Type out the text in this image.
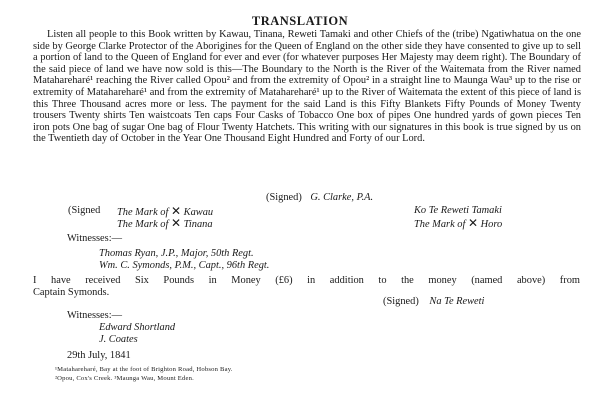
TRANSLATION
Listen all people to this Book written by Kawau, Tinana, Reweti Tamaki and other Chiefs of the (tribe) Ngatiwhatua on the one side by George Clarke Protector of the Aborigines for the Queen of England on the other side they have consented to give up to sell a portion of land to the Queen of England for ever and ever (for whatever purposes Her Majesty may deem right). The Boundary of the said piece of land we have now sold is this—The Boundary to the North is the River of the Waitemata from the River named Matahareharé¹ reaching the River called Opou² and from the extremity of Opou² in a straight line to Maunga Wau³ up to the rise or extremity of Matahareharé¹ and from the extremity of Matahareharé¹ up to the River of Waitemata the extent of this piece of land is this Three Thousand acres more or less. The payment for the said Land is this Fifty Blankets Fifty Pounds of Money Twenty trousers Twenty shirts Ten waistcoats Ten caps Four Casks of Tobacco One box of pipes One hundred yards of gown pieces Ten iron pots One bag of sugar One bag of Flour Twenty Hatchets. This writing with our signatures in this book is true signed by us on the Twentieth day of October in the Year One Thousand Eight Hundred and Forty of our Lord.
(Signed) G. Clarke, P.A.
(Signed The Mark of ✕ Kawau	Ko Te Reweti Tamaki
The Mark of ✕ Tinana	The Mark of ✕ Horo
Witnesses:—
Thomas Ryan, J.P., Major, 50th Regt.
Wm. C. Symonds, P.M., Capt., 96th Regt.
I have received Six Pounds in Money (£6) in addition to the money (named above) from
Captain Symonds.
(Signed) Na Te Reweti
Witnesses:—
Edward Shortland
J. Coates
29th July, 1841
¹Matahareharé, Bay at the foot of Brighton Road, Hobson Bay.
²Opou, Cox's Creek. ³Maunga Wau, Mount Eden.
